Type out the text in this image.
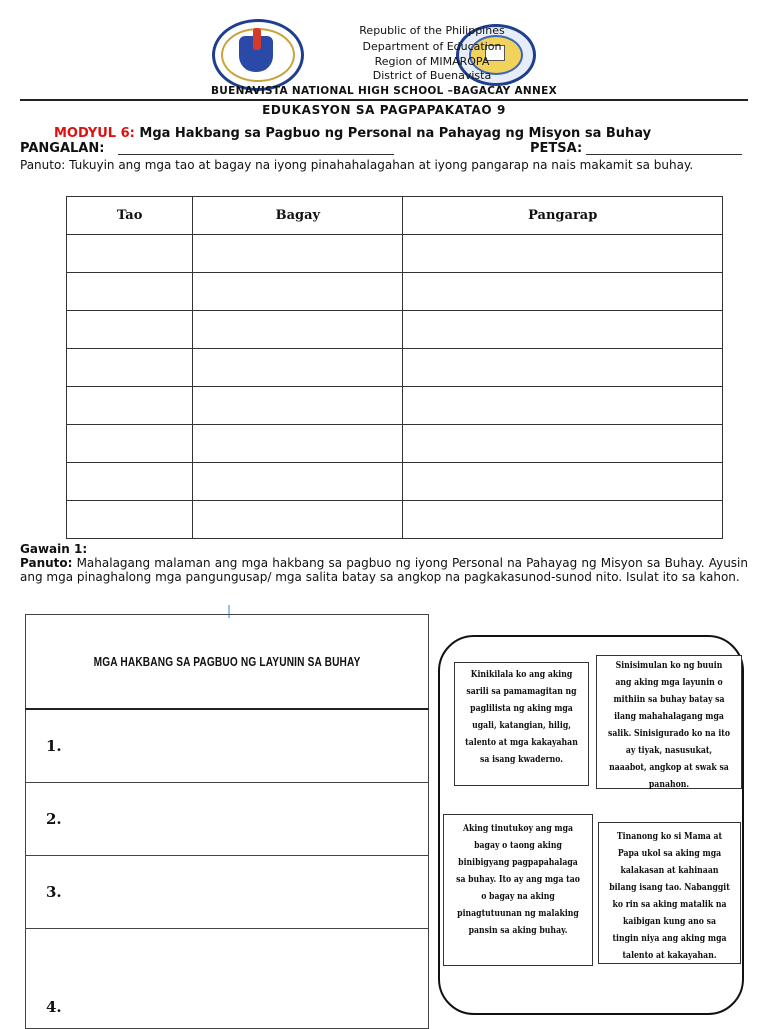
Republic of the Philippines
Department of Education
Region of MIMAROPA
District of Buenavista
BUENAVISTA NATIONAL HIGH SCHOOL –BAGACAY ANNEX
EDUKASYON SA PAGPAPAKATAO 9
MODYUL 6: Mga Hakbang sa Pagbuo ng Personal na Pahayag ng Misyon sa Buhay
PANGALAN:	PETSA:
Panuto: Tukuyin ang mga tao at bagay na iyong pinahahalagahan at iyong pangarap na nais makamit sa buhay.
Tao	Bagay	Pangarap

Gawain 1:
Panuto: Mahalagang malaman ang mga hakbang sa pagbuo ng iyong Personal na Pahayag ng Misyon sa Buhay. Ayusin ang mga pinaghalong mga pangungusap/ mga salita batay sa angkop na pagkakasunod-sunod nito. Isulat ito sa kahon.
MGA HAKBANG SA PAGBUO NG LAYUNIN SA BUHAY
1.
2.
3.
4.
Kinikilala ko ang aking sarili sa pamamagitan ng paglilista ng aking mga ugali, katangian, hilig, talento at mga kakayahan sa isang kwaderno.
Sinisimulan ko ng buuin ang aking mga layunin o mithiin sa buhay batay sa ilang mahahalagang mga salik. Sinisigurado ko na ito ay tiyak, nasusukat, naaabot, angkop at swak sa panahon.
Aking tinutukoy ang mga bagay o taong aking binibigyang pagpapahalaga sa buhay. Ito ay ang mga tao o bagay na aking pinagtutuunan ng malaking pansin sa aking buhay.
Tinanong ko si Mama at Papa ukol sa aking mga kalakasan at kahinaan bilang isang tao. Nabanggit ko rin sa aking matalik na kaibigan kung ano sa tingin niya ang aking mga talento at kakayahan.
